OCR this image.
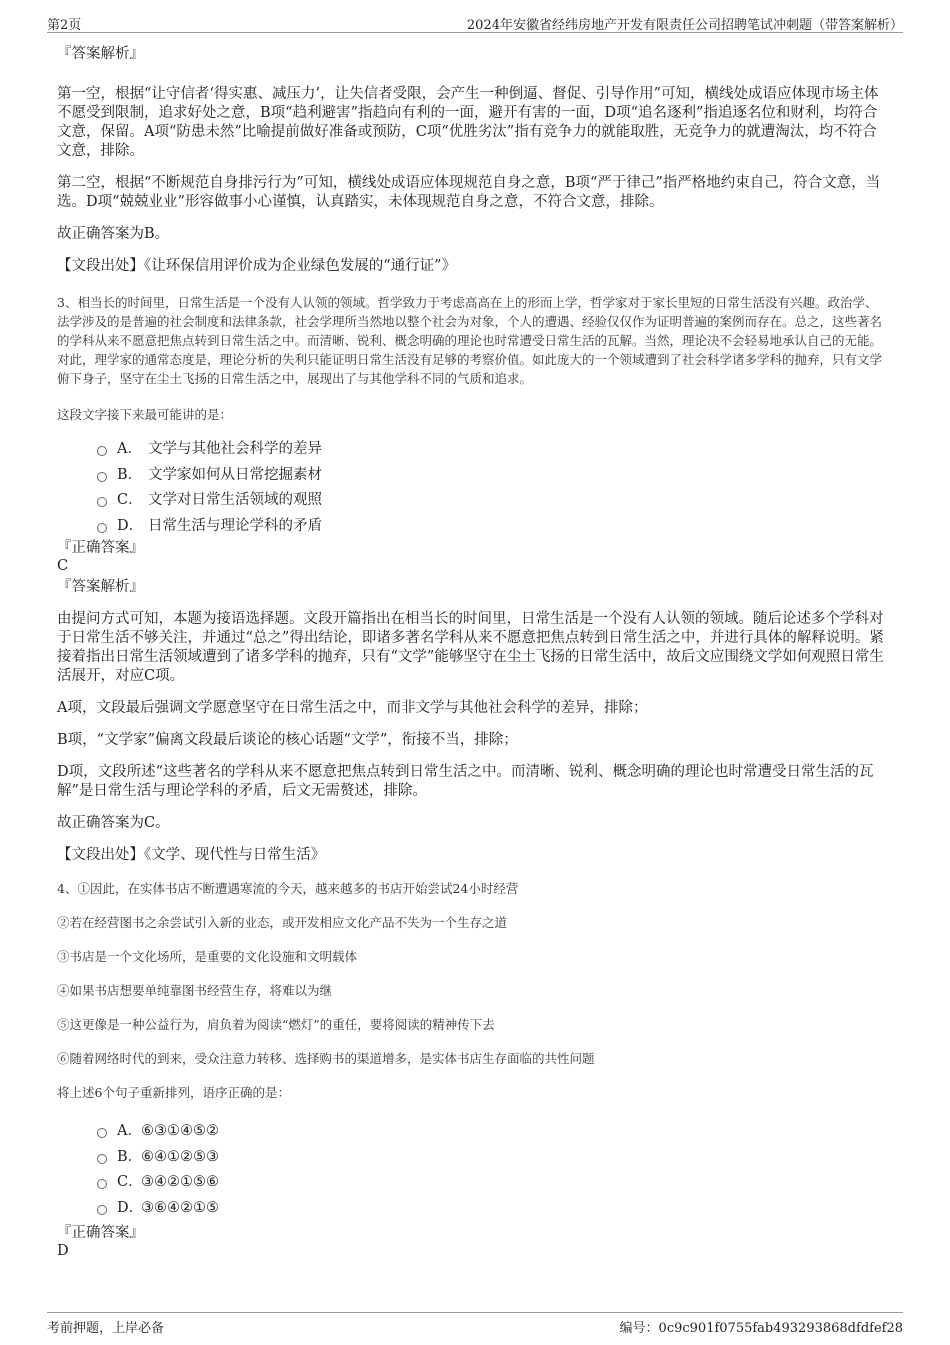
第2页	2024年安徽省经纬房地产开发有限责任公司招聘笔试冲刺题（带答案解析）

『答案解析』

第一空，根据“让守信者‘得实惠、减压力’，让失信者受限，会产生一种倒逼、督促、引导作用”可知，横线处成语应体现市场主体不愿受到限制，追求好处之意，B项“趋利避害”指趋向有利的一面，避开有害的一面，D项“追名逐利”指追逐名位和财利，均符合文意，保留。A项“防患未然”比喻提前做好准备或预防，C项“优胜劣汰”指有竞争力的就能取胜，无竞争力的就遭淘汰，均不符合文意，排除。

第二空，根据“不断规范自身排污行为”可知，横线处成语应体现规范自身之意，B项“严于律己”指严格地约束自己，符合文意，当选。D项“兢兢业业”形容做事小心谨慎，认真踏实，未体现规范自身之意，不符合文意，排除。

故正确答案为B。

【文段出处】《让环保信用评价成为企业绿色发展的“通行证”》

3、相当长的时间里，日常生活是一个没有人认领的领域。哲学致力于考虑高高在上的形而上学，哲学家对于家长里短的日常生活没有兴趣。政治学、法学涉及的是普遍的社会制度和法律条款，社会学理所当然地以整个社会为对象，个人的遭遇、经验仅仅作为证明普遍的案例而存在。总之，这些著名的学科从来不愿意把焦点转到日常生活之中。而清晰、锐利、概念明确的理论也时常遭受日常生活的瓦解。当然，理论决不会轻易地承认自己的无能。对此，理学家的通常态度是，理论分析的失利只能证明日常生活没有足够的考察价值。如此庞大的一个领域遭到了社会科学诸多学科的抛弃，只有文学俯下身子，坚守在尘土飞扬的日常生活之中，展现出了与其他学科不同的气质和追求。

这段文字接下来最可能讲的是：

A． 文学与其他社会科学的差异
B． 文学家如何从日常挖掘素材
C． 文学对日常生活领域的观照
D． 日常生活与理论学科的矛盾

『正确答案』

C

『答案解析』

由提问方式可知，本题为接语选择题。文段开篇指出在相当长的时间里，日常生活是一个没有人认领的领域。随后论述多个学科对于日常生活不够关注，并通过“总之”得出结论，即诸多著名学科从来不愿意把焦点转到日常生活之中，并进行具体的解释说明。紧接着指出日常生活领域遭到了诸多学科的抛弃，只有“文学”能够坚守在尘土飞扬的日常生活中，故后文应围绕文学如何观照日常生活展开，对应C项。

A项，文段最后强调文学愿意坚守在日常生活之中，而非文学与其他社会科学的差异，排除；

B项，“文学家”偏离文段最后谈论的核心话题“文学”，衔接不当，排除；

D项，文段所述“这些著名的学科从来不愿意把焦点转到日常生活之中。而清晰、锐利、概念明确的理论也时常遭受日常生活的瓦解”是日常生活与理论学科的矛盾，后文无需赘述，排除。

故正确答案为C。

【文段出处】《文学、现代性与日常生活》

4、①因此，在实体书店不断遭遇寒流的今天，越来越多的书店开始尝试24小时经营

②若在经营图书之余尝试引入新的业态，或开发相应文化产品不失为一个生存之道

③书店是一个文化场所，是重要的文化设施和文明载体

④如果书店想要单纯靠图书经营生存，将难以为继

⑤这更像是一种公益行为，肩负着为阅读“燃灯”的重任，要将阅读的精神传下去

⑥随着网络时代的到来，受众注意力转移、选择购书的渠道增多，是实体书店生存面临的共性问题

将上述6个句子重新排列，语序正确的是：

A．⑥③①④⑤②
B．⑥④①②⑤③
C．③④②①⑤⑥
D．③⑥④②①⑤

『正确答案』

D

考前押题，上岸必备	编号：0c9c901f0755fab493293868dfdfef28
